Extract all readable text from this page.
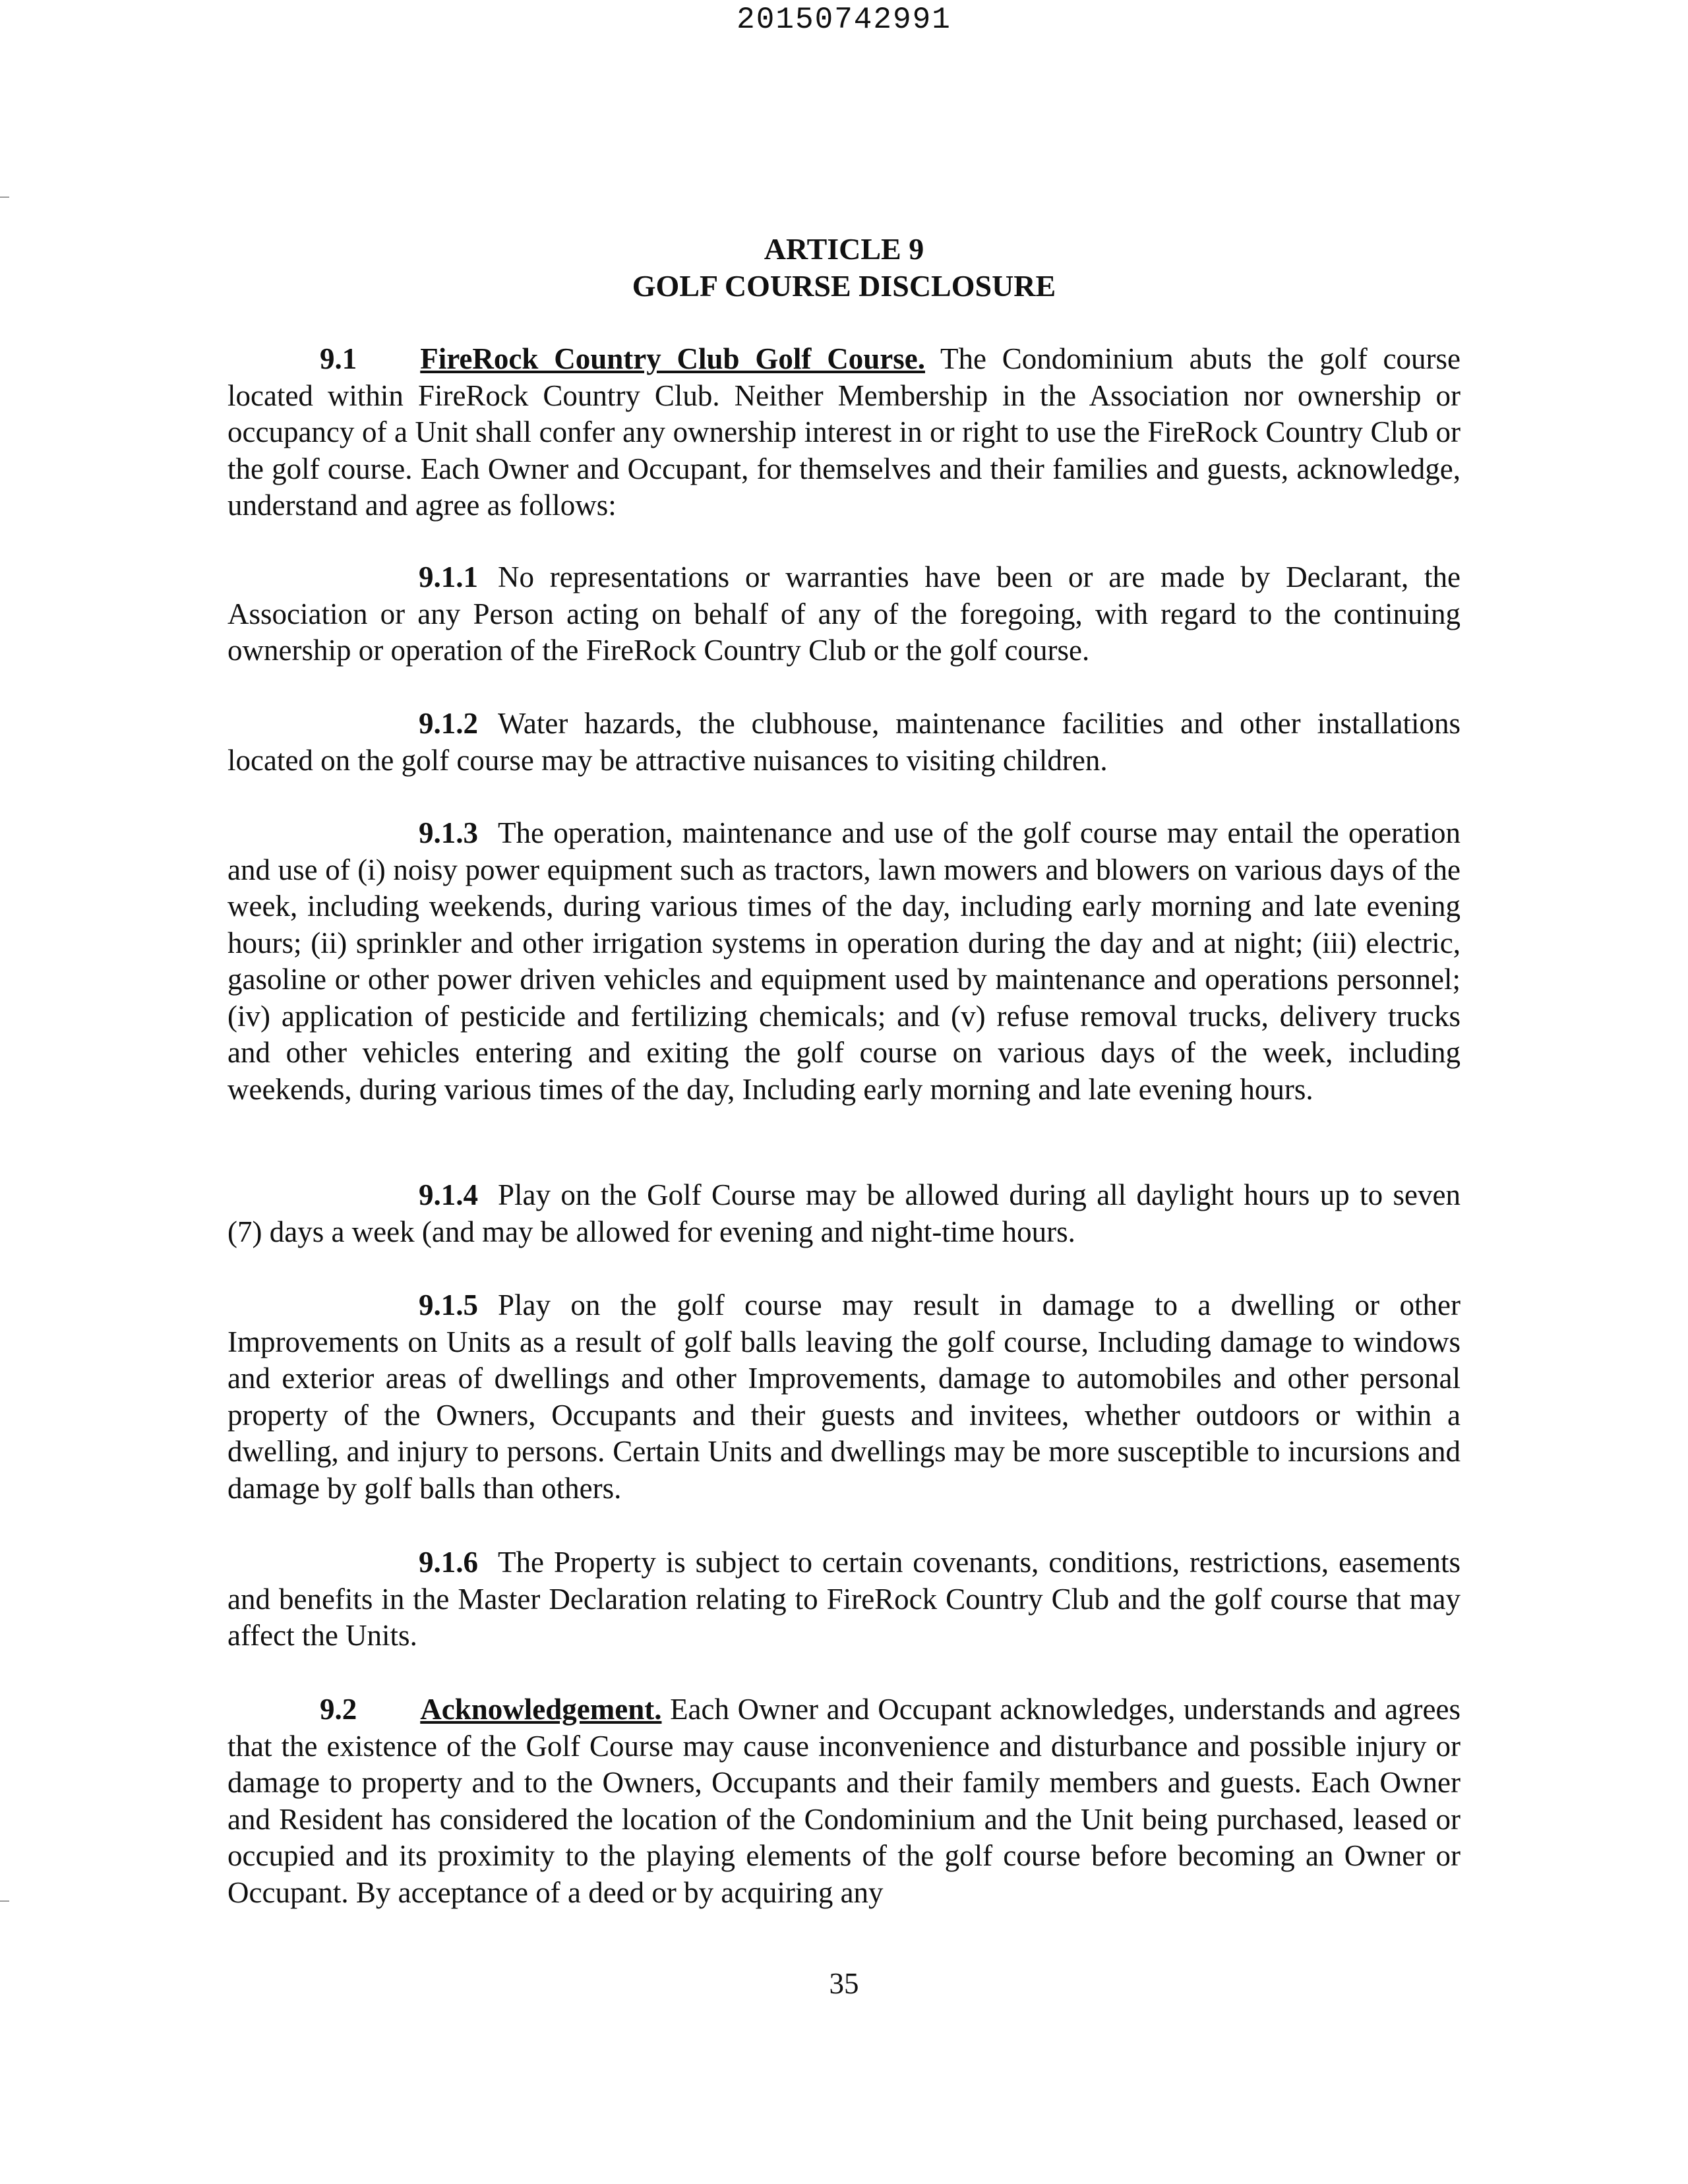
20150742991
ARTICLE 9
GOLF COURSE DISCLOSURE

9.1 FireRock Country Club Golf Course. The Condominium abuts the golf course located within FireRock Country Club. Neither Membership in the Association nor ownership or occupancy of a Unit shall confer any ownership interest in or right to use the FireRock Country Club or the golf course. Each Owner and Occupant, for themselves and their families and guests, acknowledge, understand and agree as follows:

9.1.1 No representations or warranties have been or are made by Declarant, the Association or any Person acting on behalf of any of the foregoing, with regard to the continuing ownership or operation of the FireRock Country Club or the golf course.

9.1.2 Water hazards, the clubhouse, maintenance facilities and other installations located on the golf course may be attractive nuisances to visiting children.

9.1.3 The operation, maintenance and use of the golf course may entail the operation and use of (i) noisy power equipment such as tractors, lawn mowers and blowers on various days of the week, including weekends, during various times of the day, including early morning and late evening hours; (ii) sprinkler and other irrigation systems in operation during the day and at night; (iii) electric, gasoline or other power driven vehicles and equipment used by maintenance and operations personnel; (iv) application of pesticide and fertilizing chemicals; and (v) refuse removal trucks, delivery trucks and other vehicles entering and exiting the golf course on various days of the week, including weekends, during various times of the day, Including early morning and late evening hours.

9.1.4 Play on the Golf Course may be allowed during all daylight hours up to seven (7) days a week (and may be allowed for evening and night-time hours.

9.1.5 Play on the golf course may result in damage to a dwelling or other Improvements on Units as a result of golf balls leaving the golf course, Including damage to windows and exterior areas of dwellings and other Improvements, damage to automobiles and other personal property of the Owners, Occupants and their guests and invitees, whether outdoors or within a dwelling, and injury to persons. Certain Units and dwellings may be more susceptible to incursions and damage by golf balls than others.

9.1.6 The Property is subject to certain covenants, conditions, restrictions, easements and benefits in the Master Declaration relating to FireRock Country Club and the golf course that may affect the Units.

9.2 Acknowledgement. Each Owner and Occupant acknowledges, understands and agrees that the existence of the Golf Course may cause inconvenience and disturbance and possible injury or damage to property and to the Owners, Occupants and their family members and guests. Each Owner and Resident has considered the location of the Condominium and the Unit being purchased, leased or occupied and its proximity to the playing elements of the golf course before becoming an Owner or Occupant. By acceptance of a deed or by acquiring any

35
